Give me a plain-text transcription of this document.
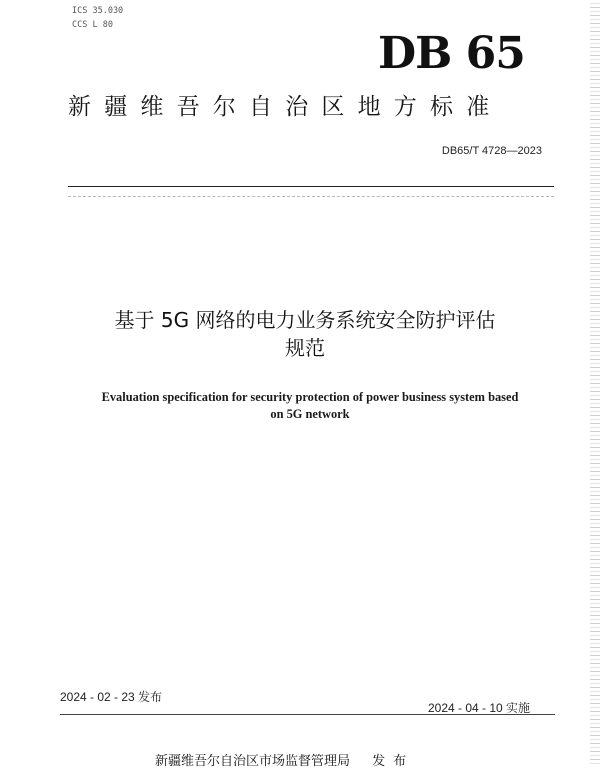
ICS 35.030
CCS L 80
DB 65
新疆维吾尔自治区地方标准
DB65/T 4728—2023
基于 5G 网络的电力业务系统安全防护评估
规范
Evaluation specification for security protection of power business system based
on 5G network
2024 - 02 - 23 发布
2024 - 04 - 10 实施
新疆维吾尔自治区市场监督管理局 发布
